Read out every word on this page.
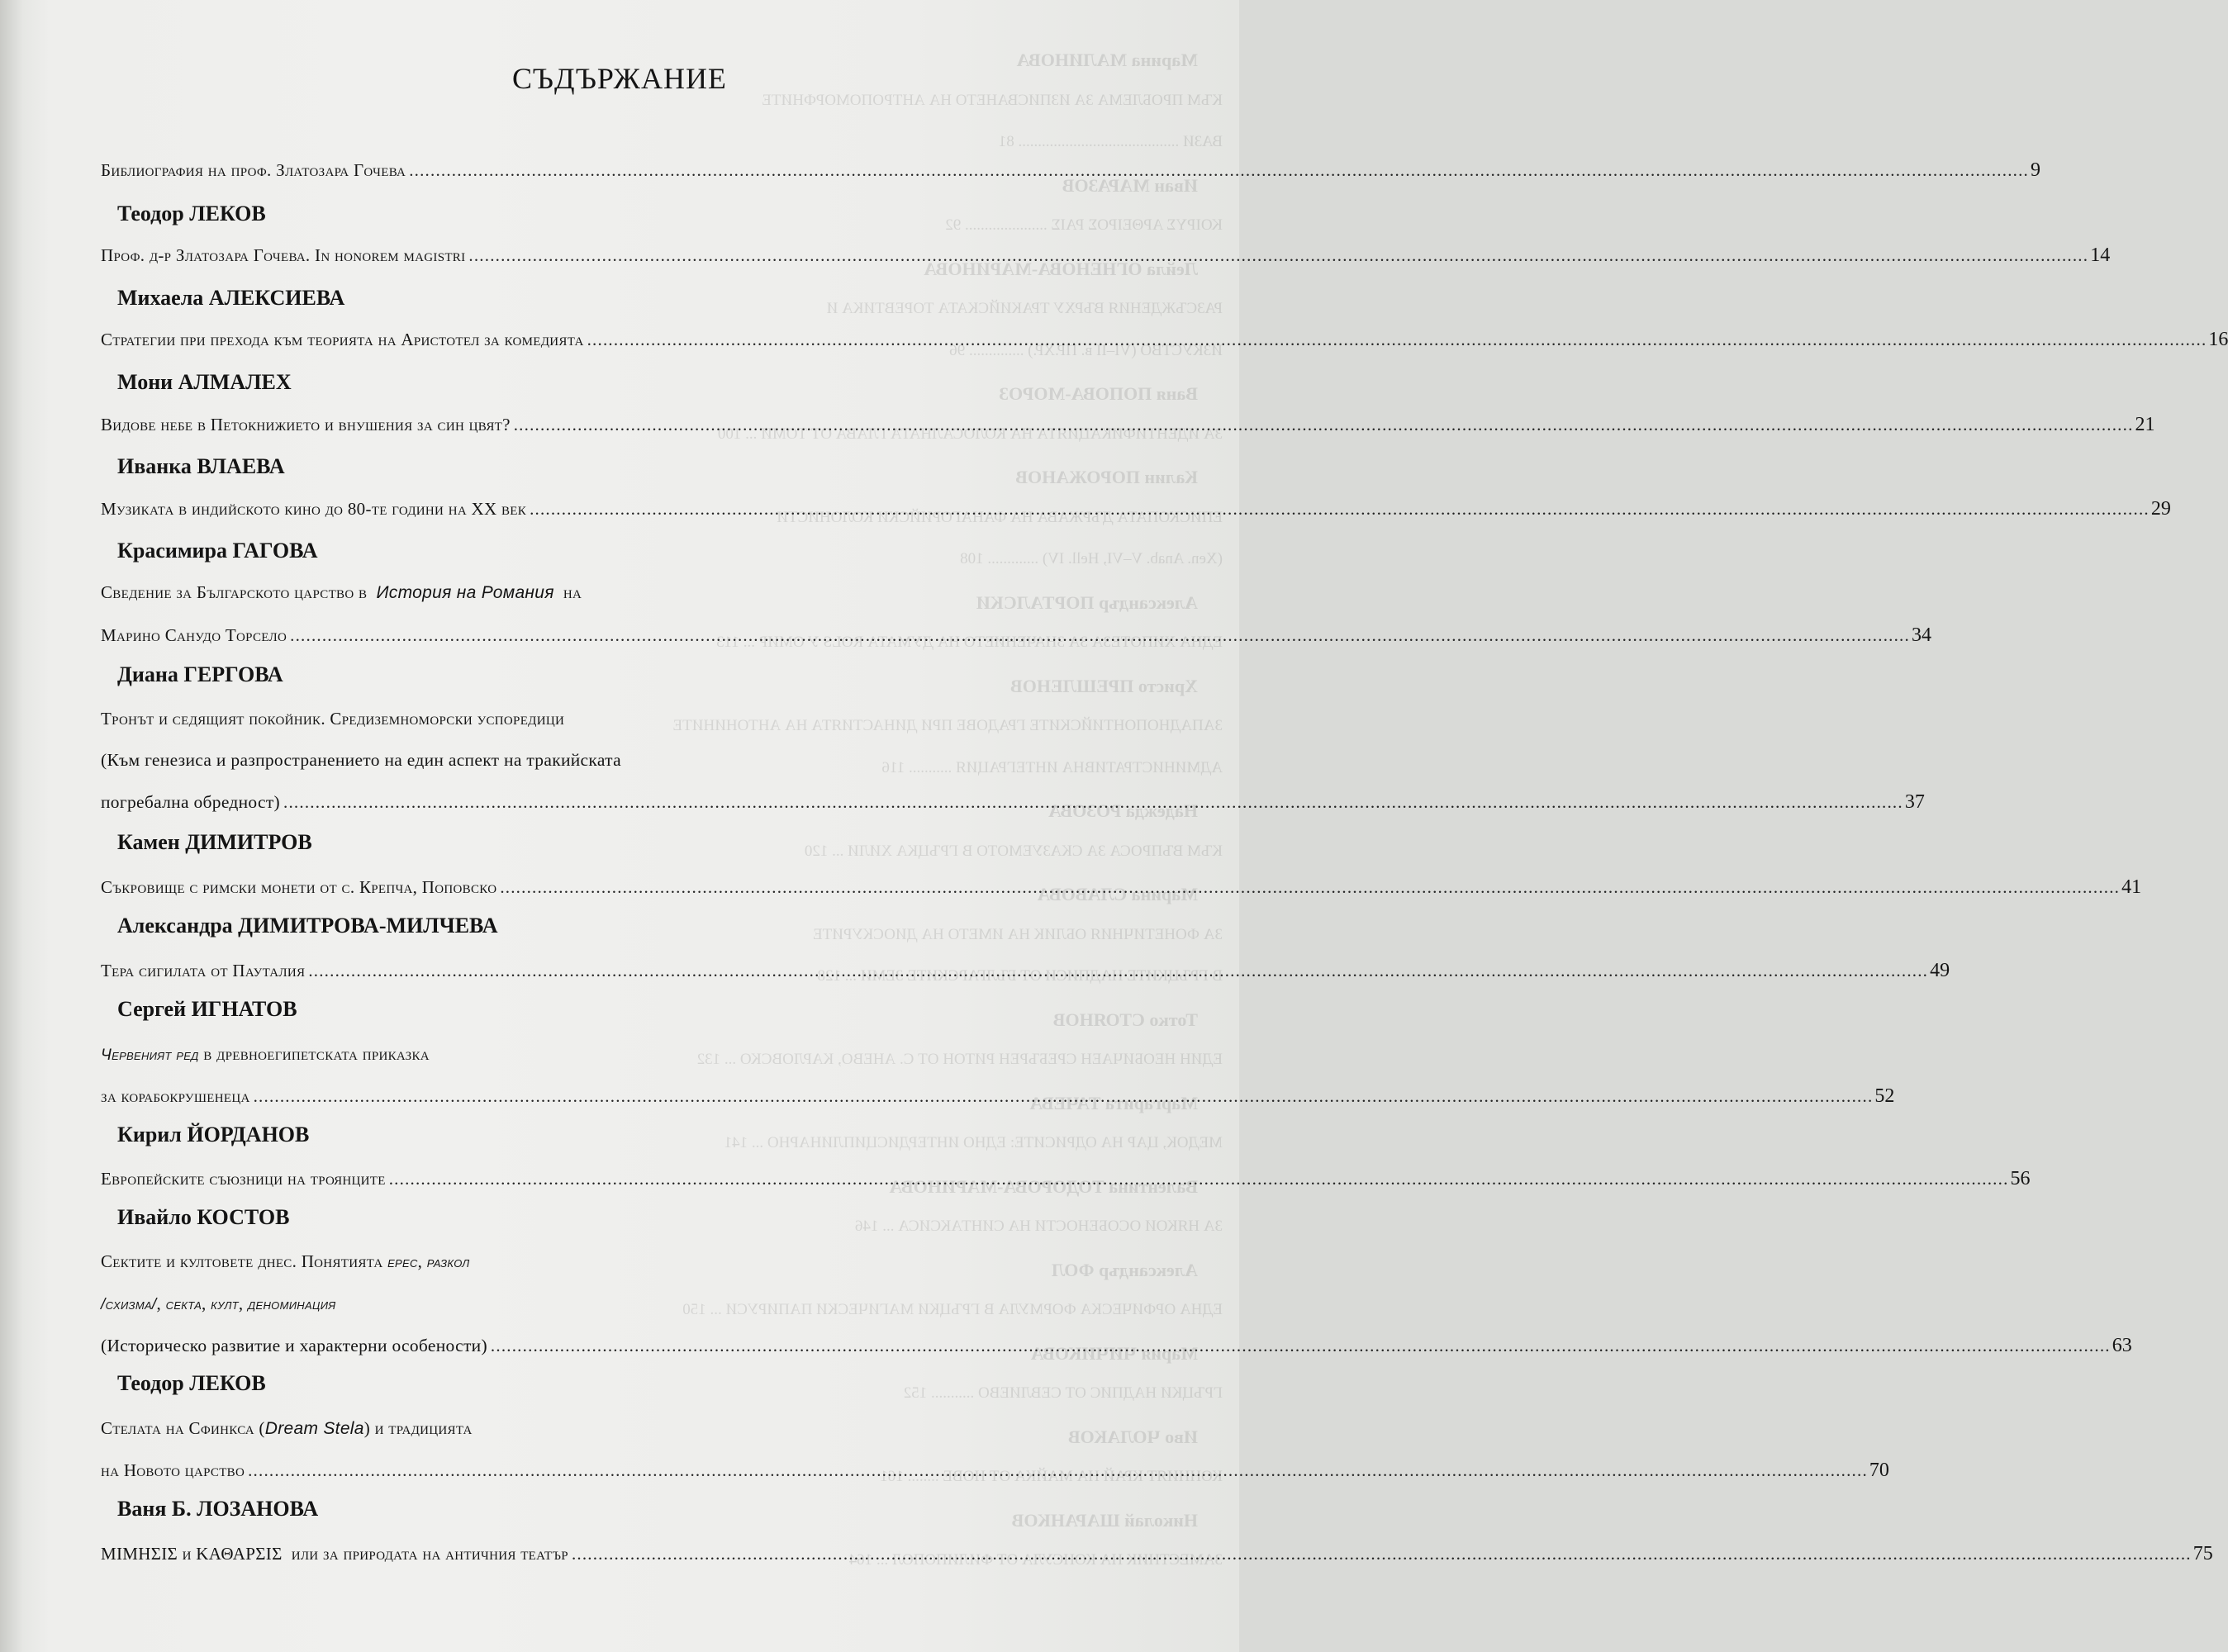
Марина МАЛИНОВА
КЪМ ПРОБЛЕМА ЗА ИЗПИСВАНЕТО НА АНТРОПОМОРФНИТЕ
ВАЗИ ......................................... 81
Иван МАРАЗОВ
ΚΟΙΡΥΣ ΑΡΘΕΙΡΟΣ ΡΑΙΣ ..................... 92
Лейла ОГНЕНОВА-МАРИНОВА
РАЗСЪЖДЕНИЯ ВЪРХУ ТРАКИЙСКАТА ТОРЕВТИКА И
ИЗКУСТВО (VI–II в. ПР.ХР.) .............. 96
Ваня ПОПОВА-МОРОЗ
ЗА ИДЕНТИФИКАЦИЯТА НА КОЛОСАЛНАТА ГЛАВА ОТ ТОМИ ... 100
Калин ПОРОЖАНОВ
ЕПИСКОПАТА ДЪРЖАВА НА ФАНАГОРИЙСКИ КОЛОНИСТИ
(Xen. Anab. V–VI, Hell. IV) ............. 108
Александър ПОРТАЛСКИ
ЕДНА ХИПОТЕЗА ЗА ЗНАЧЕНИЕТО НА ДУМАТА ROLS У ОМИР ... 113
Христо ПРЕШЛЕНОВ
ЗАПАДНОПОНТИЙСКИТЕ ГРАДОВЕ ПРИ ДИНАСТИЯТА НА АНТОНИНИТЕ
АДМИНИСТРАТИВНА ИНТЕГРАЦИЯ ........... 116
Надежда РОЗОВА
КЪМ ВЪПРОСА ЗА СКАЗУЕМОТО В ГРЪЦКА ХИЛИ ... 120
Марина СЛАВОВА
ЗА ФОНЕТИЧНИЯ ОБЛИК НА ИМЕТО НА ДИОСКУРИТЕ
В ГРЪЦКИТЕ НАДПИСИ ОТ БЪЛГАРСКИТЕ ЗЕМИ ... 128
Тотко СТОЯНОВ
ЕДИН НЕОБИЧАЕН СРЕБЪРЕН РИТОН ОТ С. АНЕВО, КАРЛОВСКО ... 132
Маргарита ТАЧЕВА
МЕДОК, ЦАР НА ОДРИСИТЕ: ЕДНО ИНТЕРДИСЦИПЛИНАРНО ... 141
Валентина ТОДОРОВА-МАРИНОВА
ЗА НЯКОИ ОСОБЕНОСТИ НА СИНТАКСИСА ... 146
Александър ФОЛ
ЕДНА ОРФИЧЕСКА ФОРМУЛА В ГРЪЦКИ МАГИЧЕСКИ ПАПИРУСИ ... 150
Мария ЧИЧИКОВА
ГРЪЦКИ НАДПИС ОТ СЕВЛИЕВО ........... 152
Иво ЧОЛАКОВ
КОННИЯТ КРАЙ НА МАЙКА ОТ НОВЕ ........ 161
Николай ШАРАНКОВ
ЗАМЕСТНИК НА КОНСУЛА ОТ ФИЛИПОПОЛ ... 164
СЪДЪРЖАНИЕ
Библиография на проф. Златозара Гочева .....	9
Теодор ЛЕКОВ
Проф. д-р Златозара Гочева. In honorem magistri .....	14
Михаела АЛЕКСИЕВА
Стратегии при прехода към теорията на Аристотел за комедията .....	16
Мони АЛМАЛЕХ
Видове небе в Петокнижието и внушения за син цвят? .....	21
Иванка ВЛАЕВА
Музиката в индийското кино до 80-те години на XX век .....	29
Красимира ГАГОВА
Сведение за Българското царство в История на Романия на
Марино Санудо Торсело .....	34
Диана ГЕРГОВА
Тронът и седящият покойник. Средиземноморски успоредици
(Към генезиса и разпространението на един аспект на тракийската
погребална обредност) .....	37
Камен ДИМИТРОВ
Съкровище с римски монети от с. Крепча, Поповско .....	41
Александра ДИМИТРОВА-МИЛЧЕВА
Тера сигилата от Пауталия .....	49
Сергей ИГНАТОВ
Червеният ред в древноегипетската приказка
за корабокрушенеца .....	52
Кирил ЙОРДАНОВ
Европейските съюзници на троянците .....	56
Ивайло КОСТОВ
Сектите и култовете днес. Понятията ерес, разкол
/схизма/, секта, култ, деноминация
(Историческо развитие и характерни особености) .....	63
Теодор ЛЕКОВ
Стелата на Сфинкса (Dream Stela) и традицията
на Новото царство .....	70
Ваня Б. ЛОЗАНОВА
ΜΙΜΗΣΙΣ и ΚΑΘΑΡΣΙΣ или за природата на античния театър .....	75
